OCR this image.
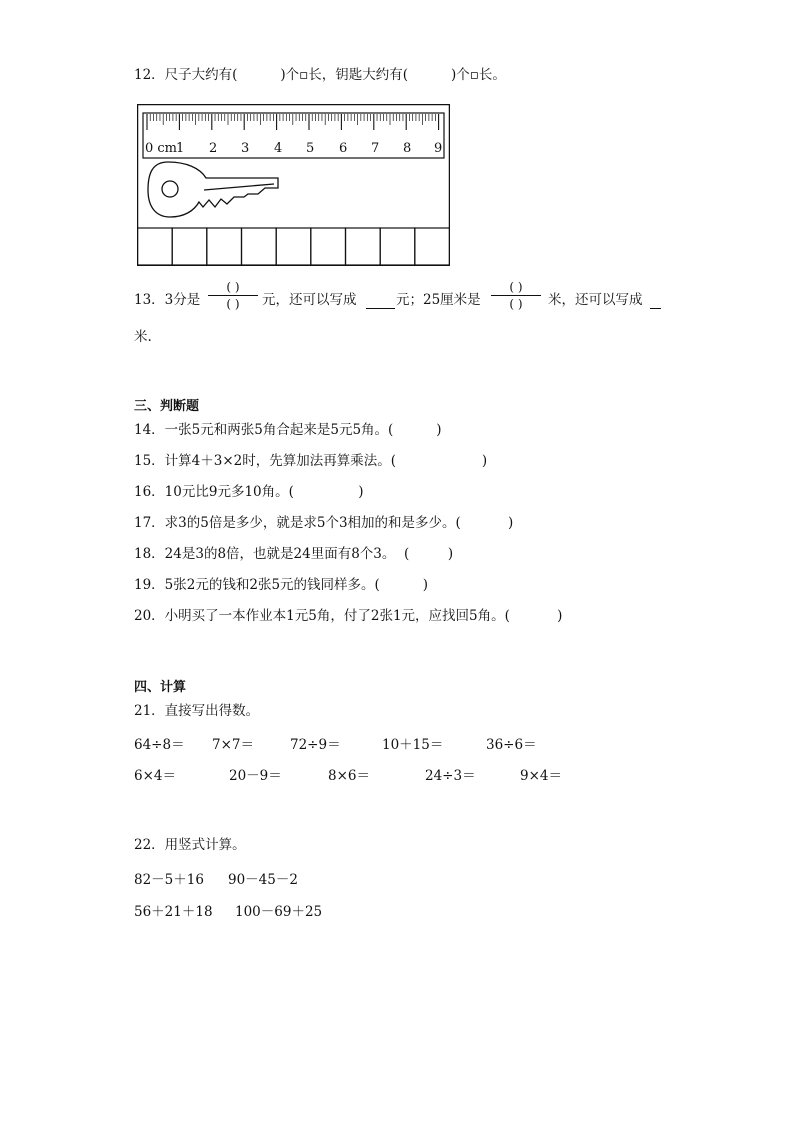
12．尺子大约有(          )个▫长，钥匙大约有(          )个▫长。
0 cm
1 2 3 4 5 6 7 8 9
13．3分是
( )
( )	元，还可以写成	元；25厘米是
( )
( )	米，还可以写成
米.
三、判断题
14．一张5元和两张5角合起来是5元5角。(          )
15．计算4＋3×2时，先算加法再算乘法。(                    )
16．10元比9元多10角。(               )
17．求3的5倍是多少，就是求5个3相加的和是多少。(           )
18．24是3的8倍，也就是24里面有8个3。  (         )
19．5张2元的钱和2张5元的钱同样多。(          )
20．小明买了一本作业本1元5角，付了2张1元，应找回5角。(           )
四、计算
21．直接写出得数。
64÷8＝ 7×7＝	72÷9＝	10＋15＝	36÷6＝
6×4＝	20－9＝	8×6＝	24÷3＝	9×4＝
22．用竖式计算。
82－5＋16 90－45－2
56＋21＋18 100－69＋25
